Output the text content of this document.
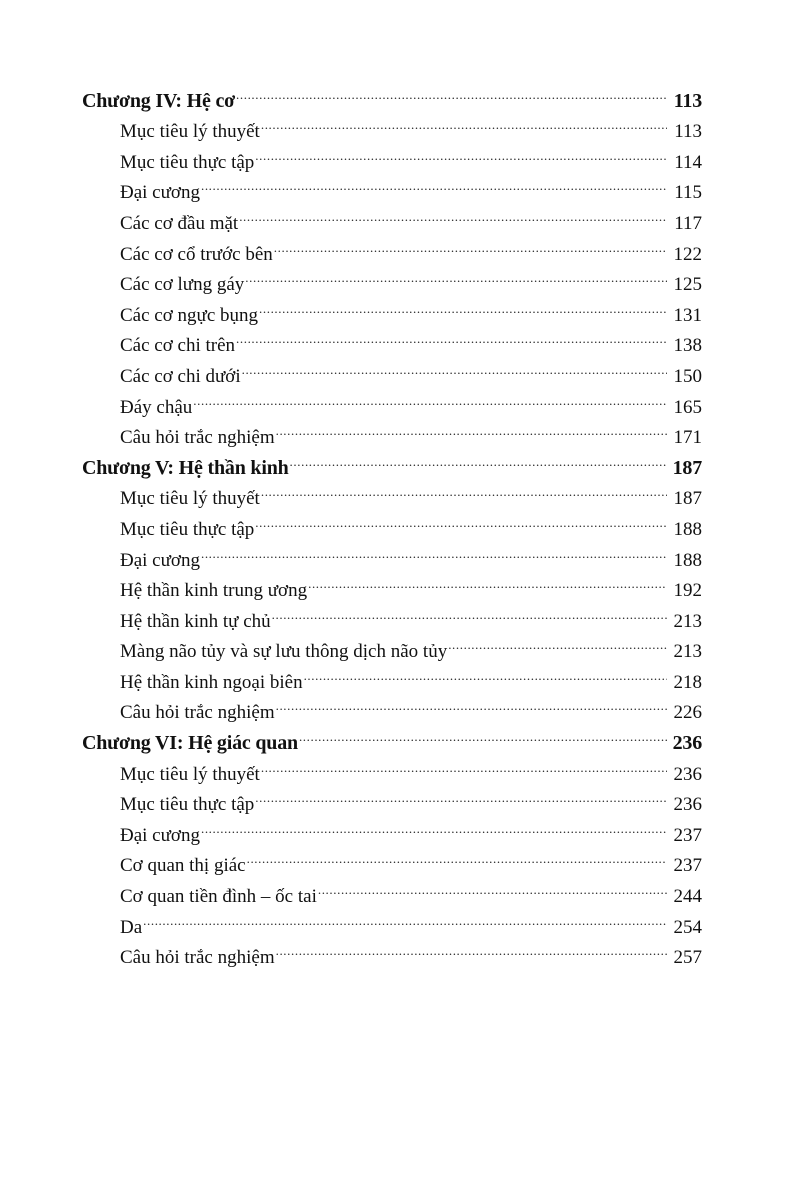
Chương IV: Hệ cơ .....	113
Mục tiêu lý thuyết .....	113
Mục tiêu thực tập .....	114
Đại cương .....	115
Các cơ đầu mặt .....	117
Các cơ cổ trước bên .....	122
Các cơ lưng gáy .....	125
Các cơ ngực bụng .....	131
Các cơ chi trên .....	138
Các cơ chi dưới .....	150
Đáy chậu .....	165
Câu hỏi trắc nghiệm .....	171
Chương V: Hệ thần kinh .....	187
Mục tiêu lý thuyết .....	187
Mục tiêu thực tập .....	188
Đại cương .....	188
Hệ thần kinh trung ương .....	192
Hệ thần kinh tự chủ .....	213
Màng não tủy và sự lưu thông dịch não tủy .....	213
Hệ thần kinh ngoại biên .....	218
Câu hỏi trắc nghiệm .....	226
Chương VI: Hệ giác quan .....	236
Mục tiêu lý thuyết .....	236
Mục tiêu thực tập .....	236
Đại cương .....	237
Cơ quan thị giác .....	237
Cơ quan tiền đình – ốc tai .....	244
Da .....	254
Câu hỏi trắc nghiệm .....	257
